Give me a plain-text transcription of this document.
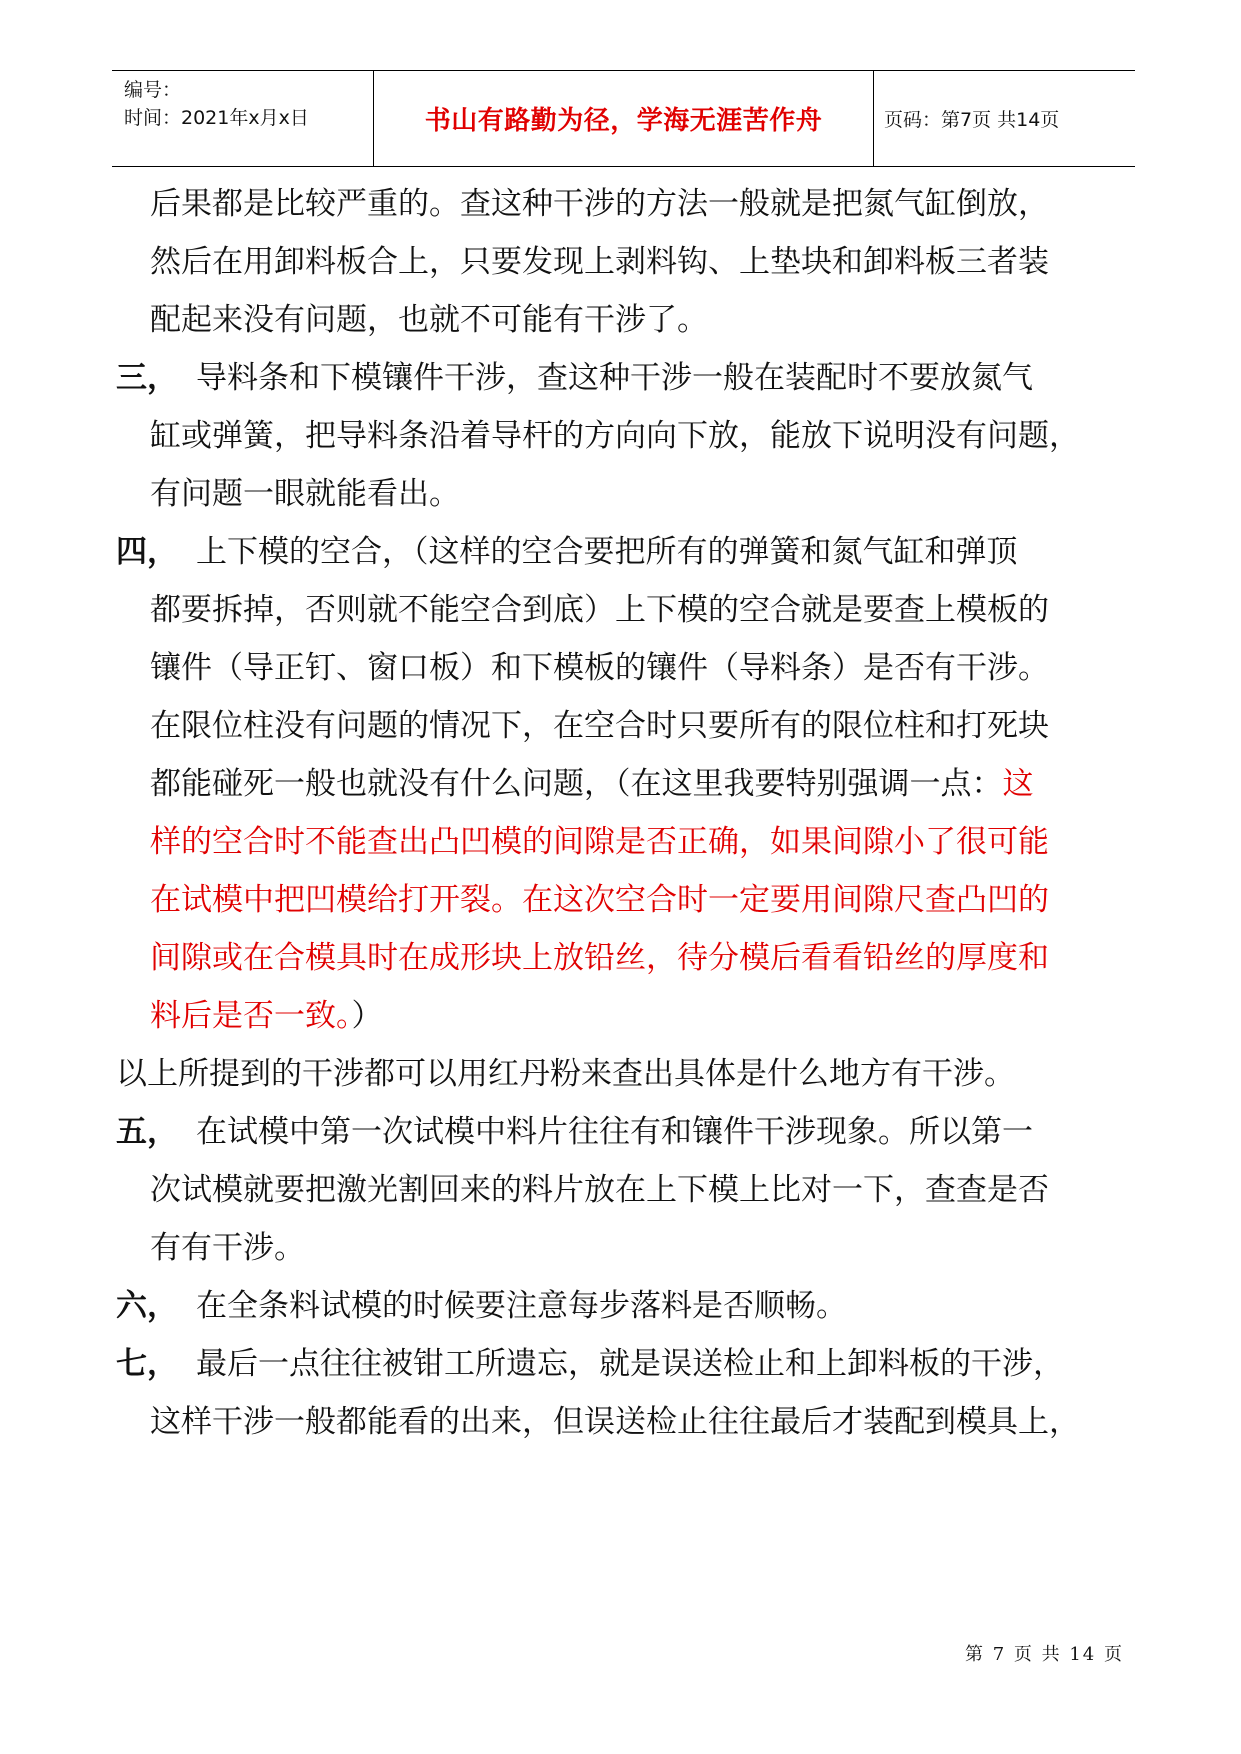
编号：
时间：2021年x月x日	书山有路勤为径，学海无涯苦作舟	页码：第7页 共14页
后果都是比较严重的。查这种干涉的方法一般就是把氮气缸倒放，
然后在用卸料板合上，只要发现上剥料钩、上垫块和卸料板三者装
配起来没有问题，也就不可能有干涉了。
三， 导料条和下模镶件干涉，查这种干涉一般在装配时不要放氮气
缸或弹簧，把导料条沿着导杆的方向向下放，能放下说明没有问题，
有问题一眼就能看出。
四， 上下模的空合，（这样的空合要把所有的弹簧和氮气缸和弹顶
都要拆掉，否则就不能空合到底）上下模的空合就是要查上模板的
镶件（导正钉、窗口板）和下模板的镶件（导料条）是否有干涉。
在限位柱没有问题的情况下，在空合时只要所有的限位柱和打死块
都能碰死一般也就没有什么问题，（在这里我要特别强调一点：这
样的空合时不能查出凸凹模的间隙是否正确，如果间隙小了很可能
在试模中把凹模给打开裂。在这次空合时一定要用间隙尺查凸凹的
间隙或在合模具时在成形块上放铅丝，待分模后看看铅丝的厚度和
料后是否一致。）
以上所提到的干涉都可以用红丹粉来查出具体是什么地方有干涉。
五， 在试模中第一次试模中料片往往有和镶件干涉现象。所以第一
次试模就要把激光割回来的料片放在上下模上比对一下，查查是否
有有干涉。
六， 在全条料试模的时候要注意每步落料是否顺畅。
七， 最后一点往往被钳工所遗忘，就是误送检止和上卸料板的干涉，
这样干涉一般都能看的出来，但误送检止往往最后才装配到模具上，
第 7 页 共 14 页
